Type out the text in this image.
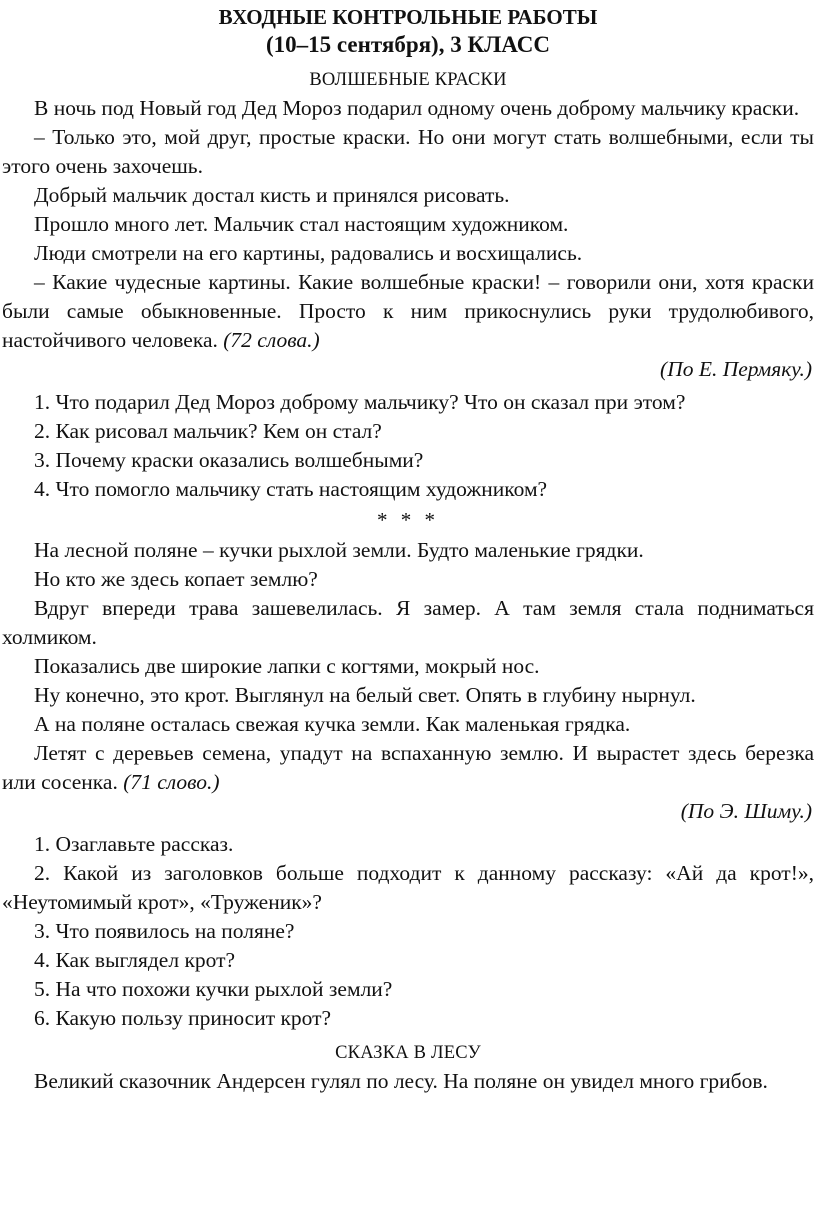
ВХОДНЫЕ КОНТРОЛЬНЫЕ РАБОТЫ

(10–15 сентября), 3 КЛАСС

ВОЛШЕБНЫЕ КРАСКИ

В ночь под Новый год Дед Мороз подарил одному очень доброму мальчику краски.

– Только это, мой друг, простые краски. Но они могут стать волшебными, если ты этого очень захочешь.

Добрый мальчик достал кисть и принялся рисовать.

Прошло много лет. Мальчик стал настоящим художником.

Люди смотрели на его картины, радовались и восхищались.

– Какие чудесные картины. Какие волшебные краски! – говорили они, хотя краски были самые обыкновенные. Просто к ним прикоснулись руки трудолюбивого, настойчивого человека. (72 слова.)

(По Е. Пермяку.)

1. Что подарил Дед Мороз доброму мальчику? Что он сказал при этом?

2. Как рисовал мальчик? Кем он стал?

3. Почему краски оказались волшебными?

4. Что помогло мальчику стать настоящим художником?

* * *

На лесной поляне – кучки рыхлой земли. Будто маленькие грядки.

Но кто же здесь копает землю?

Вдруг впереди трава зашевелилась. Я замер. А там земля стала подниматься холмиком.

Показались две широкие лапки с когтями, мокрый нос.

Ну конечно, это крот. Выглянул на белый свет. Опять в глубину нырнул.

А на поляне осталась свежая кучка земли. Как маленькая грядка.

Летят с деревьев семена, упадут на вспаханную землю. И вырастет здесь березка или сосенка. (71 слово.)

(По Э. Шиму.)

1. Озаглавьте рассказ.

2. Какой из заголовков больше подходит к данному рассказу: «Ай да крот!», «Неутомимый крот», «Труженик»?

3. Что появилось на поляне?

4. Как выглядел крот?

5. На что похожи кучки рыхлой земли?

6. Какую пользу приносит крот?

СКАЗКА В ЛЕСУ

Великий сказочник Андерсен гулял по лесу. На поляне он увидел много грибов.
